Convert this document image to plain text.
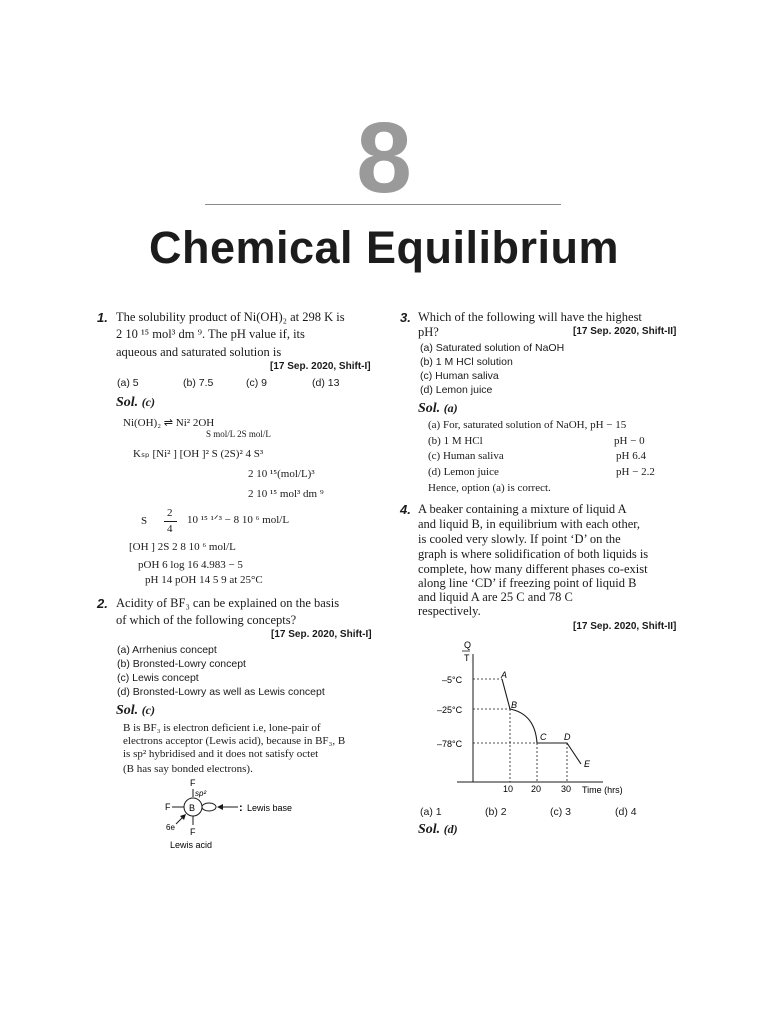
8
Chemical Equilibrium
1. The solubility product of Ni(OH)₂ at 298 K is
2 10 ¹⁵ mol³ dm ⁹. The pH value if, its
aqueous and saturated solution is
[17 Sep. 2020, Shift-I]
(a) 5	(b) 7.5	(c) 9	(d) 13
Sol. (c)
Ni(OH)₂ ⇌ Ni² 2OH
S mol/L 2S mol/L
Kₛₚ [Ni² ] [OH ]² S (2S)² 4 S³
2 10 ¹⁵(mol/L)³
2 10 ¹⁵ mol³ dm ⁹
S
2
4
10 ¹⁵ ¹ᐟ³ − 8 10 ⁶ mol/L
[OH ] 2S 2 8 10 ⁶ mol/L
pOH 6 log 16 4.983 − 5
pH 14 pOH 14 5 9 at 25°C
2. Acidity of BF₃ can be explained on the basis
of which of the following concepts?
[17 Sep. 2020, Shift-I]
(a) Arrhenius concept
(b) Bronsted-Lowry concept
(c) Lewis concept
(d) Bronsted-Lowry as well as Lewis concept
Sol. (c)
B is BF₃ is electron deficient i.e, lone-pair of
electrons acceptor (Lewis acid), because in BF₃, B
is sp² hybridised and it does not satisfy octet
(B has say bonded electrons).
F
sp²
B
F
F
: Lewis base
6e
Lewis acid
3. Which of the following will have the highest
pH?	[17 Sep. 2020, Shift-II]
(a) Saturated solution of NaOH
(b) 1 M HCl solution
(c) Human saliva
(d) Lemon juice
Sol. (a)
(a) For, saturated solution of NaOH, pH − 15
(b) 1 M HCl	pH − 0
(c) Human saliva	pH 6.4
(d) Lemon juice	pH − 2.2
Hence, option (a) is correct.
4. A beaker containing a mixture of liquid A
and liquid B, in equilibrium with each other,
is cooled very slowly. If point ‘D’ on the
graph is where solidification of both liquids is
complete, how many different phases co-exist
along line ‘CD’ if freezing point of liquid B
and liquid A are 25 C and 78 C
respectively.
[17 Sep. 2020, Shift-II]
Q
T
–5°C
–25°C
–78°C
A
B
C D
E
10 20 30 Time (hrs)
(a) 1	(b) 2	(c) 3	(d) 4
Sol. (d)
